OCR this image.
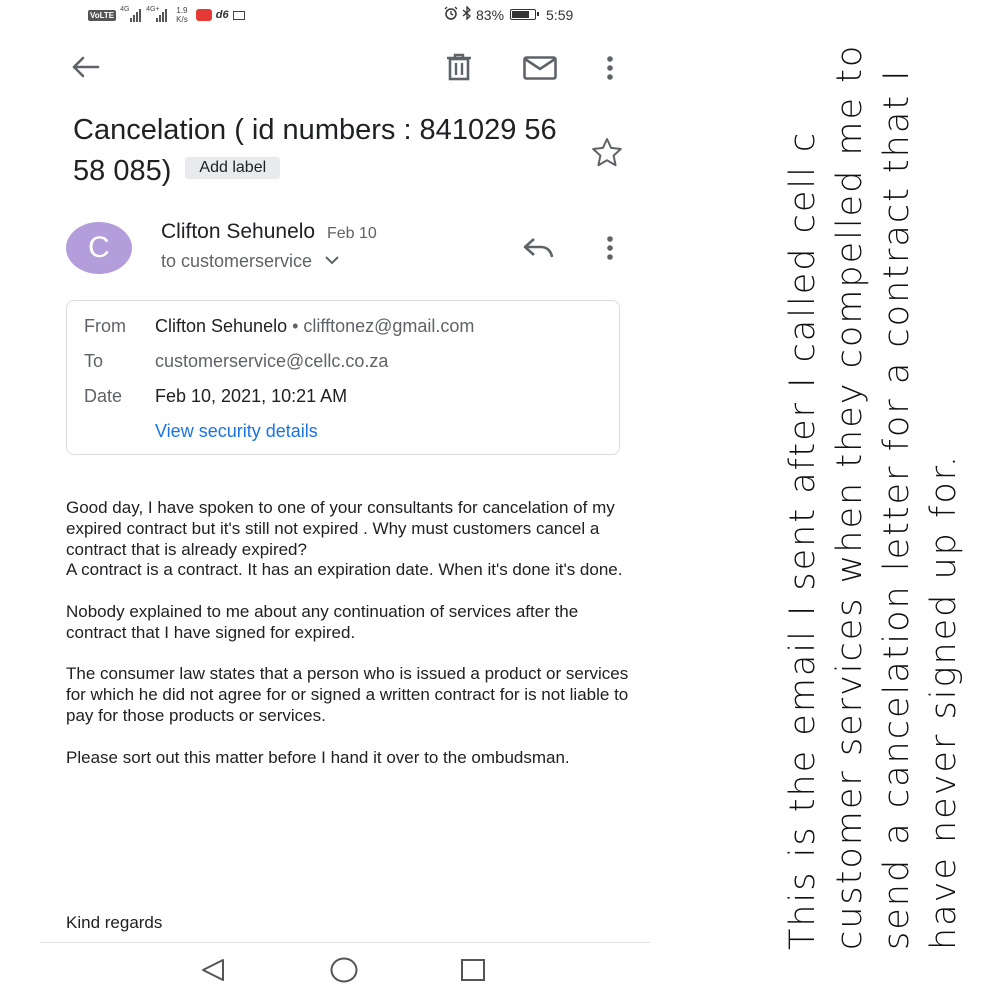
VoLTE
4G 4G+ 1.9
K/s	d6	83%	5:59
Cancelation ( id numbers : 841029 56 58 085) Add label
C	Clifton Sehunelo Feb 10
to customerservice
From Clifton Sehunelo • clifftonez@gmail.com
To	customerservice@cellc.co.za
Date Feb 10, 2021, 10:21 AM
View security details

Good day, I have spoken to one of your consultants for cancelation of my expired contract but it's still not expired . Why must customers cancel a contract that is already expired?
A contract is a contract. It has an expiration date. When it's done it's done.

Nobody explained to me about any continuation of services after the contract that I have signed for expired.

The consumer law states that a person who is issued a product or services for which he did not agree for or signed a written contract for is not liable to pay for those products or services.

Please sort out this matter before I hand it over to the ombudsman.

Kind regards	This is the email I sent after I called cell c customer services when they compelled me to send a cancelation letter for a contract that I have never signed up for.
